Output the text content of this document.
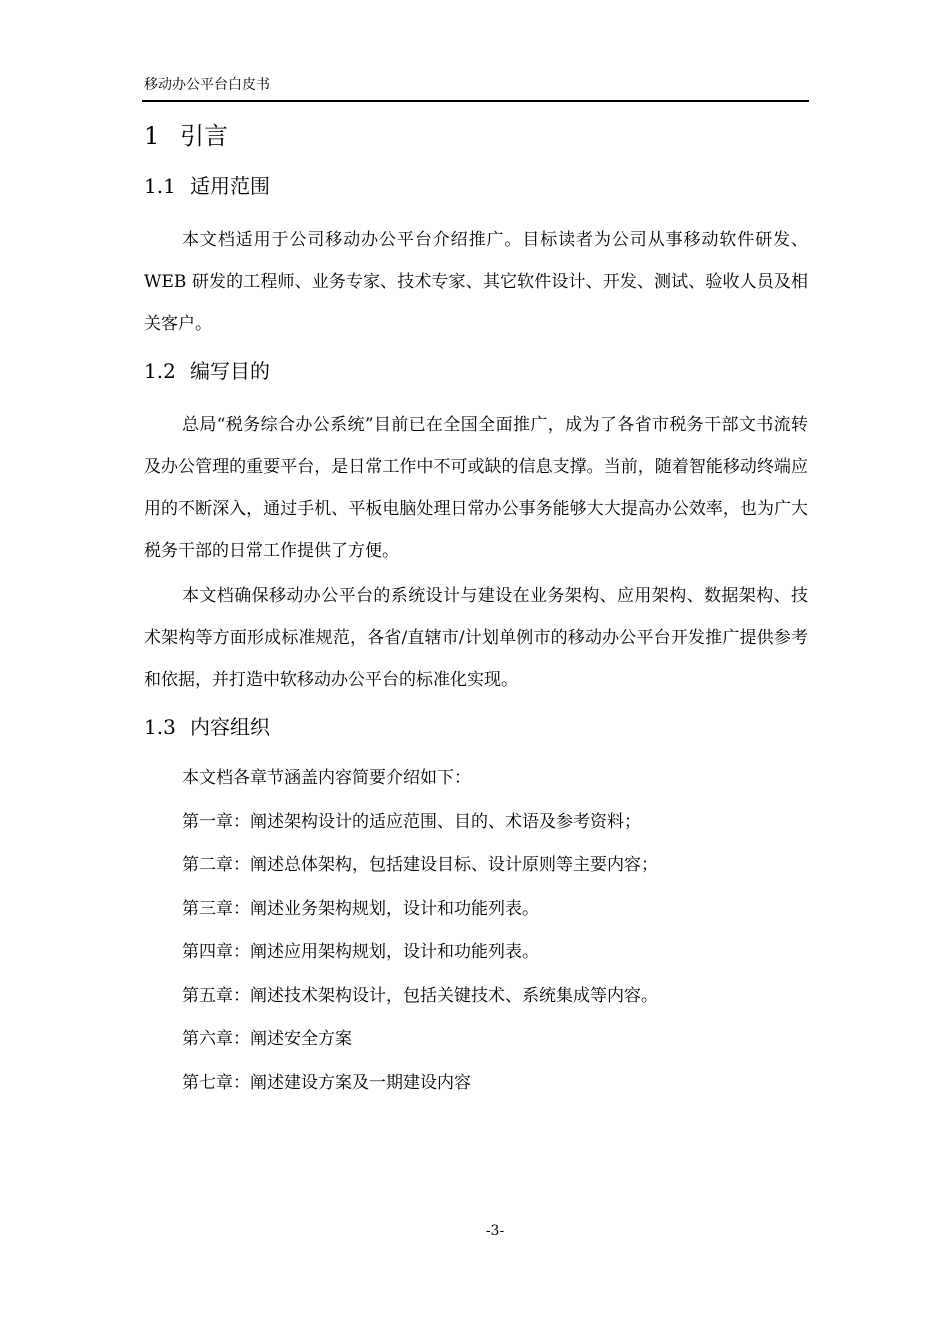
移动办公平台白皮书
1 引言
1.1 适用范围

本文档适用于公司移动办公平台介绍推广。目标读者为公司从事移动软件研发、WEB 研发的工程师、业务专家、技术专家、其它软件设计、开发、测试、验收人员及相关客户。

1.2 编写目的

总局“税务综合办公系统”目前已在全国全面推广，成为了各省市税务干部文书流转及办公管理的重要平台，是日常工作中不可或缺的信息支撑。当前，随着智能移动终端应用的不断深入，通过手机、平板电脑处理日常办公事务能够大大提高办公效率，也为广大税务干部的日常工作提供了方便。

本文档确保移动办公平台的系统设计与建设在业务架构、应用架构、数据架构、技术架构等方面形成标准规范，各省/直辖市/计划单例市的移动办公平台开发推广提供参考和依据，并打造中软移动办公平台的标准化实现。

1.3 内容组织

本文档各章节涵盖内容简要介绍如下：

第一章：阐述架构设计的适应范围、目的、术语及参考资料；

第二章：阐述总体架构，包括建设目标、设计原则等主要内容；

第三章：阐述业务架构规划，设计和功能列表。

第四章：阐述应用架构规划，设计和功能列表。

第五章：阐述技术架构设计，包括关键技术、系统集成等内容。

第六章：阐述安全方案

第七章：阐述建设方案及一期建设内容

-3-
